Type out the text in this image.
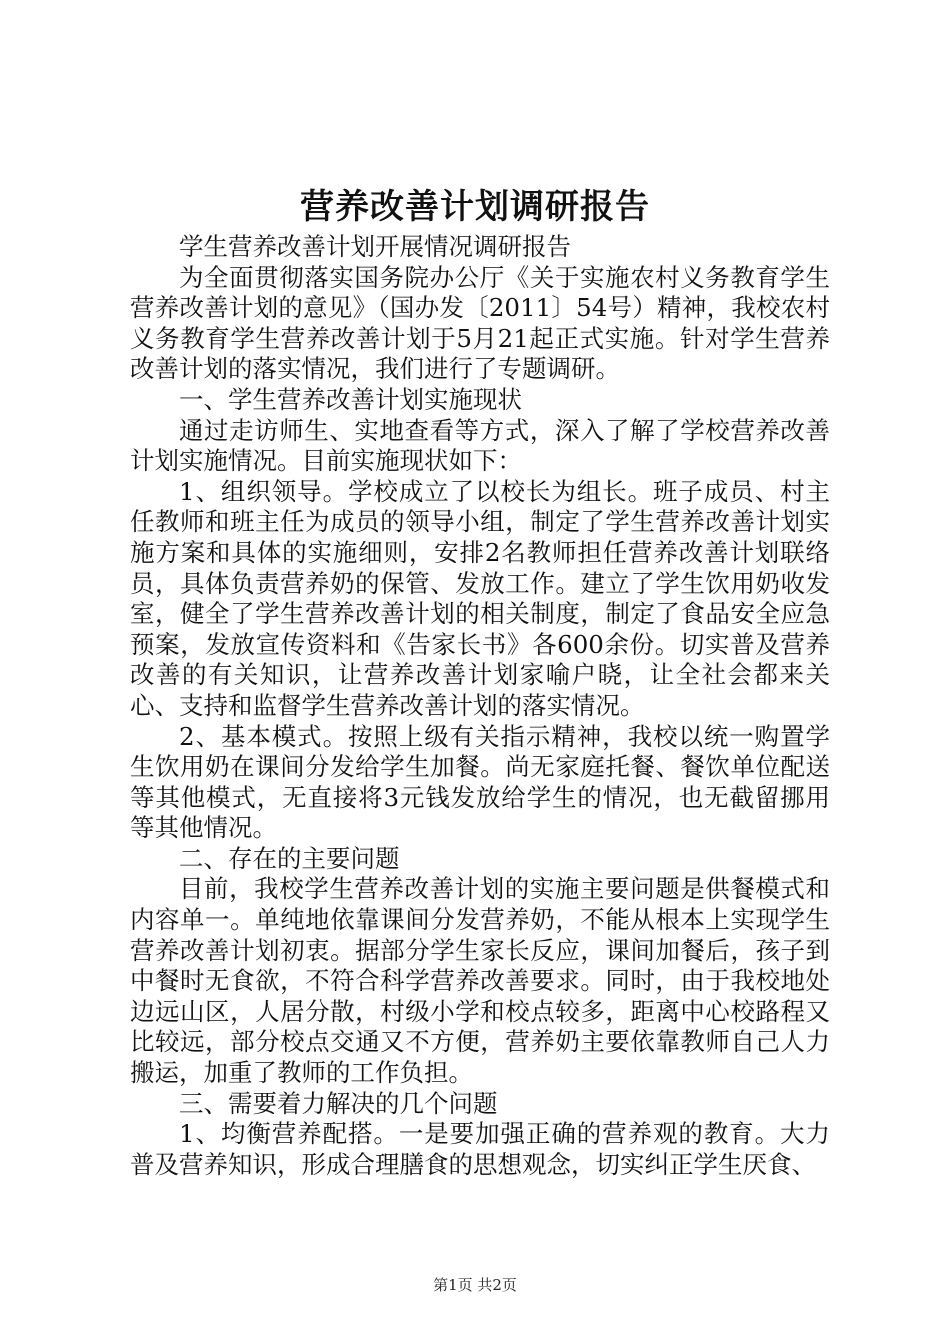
营养改善计划调研报告

学生营养改善计划开展情况调研报告

为全面贯彻落实国务院办公厅《关于实施农村义务教育学生营养改善计划的意见》（国办发〔2011〕54号）精神，我校农村义务教育学生营养改善计划于5月21起正式实施。针对学生营养改善计划的落实情况，我们进行了专题调研。

一、学生营养改善计划实施现状

通过走访师生、实地查看等方式，深入了解了学校营养改善计划实施情况。目前实施现状如下：

1、组织领导。学校成立了以校长为组长。班子成员、村主任教师和班主任为成员的领导小组，制定了学生营养改善计划实施方案和具体的实施细则，安排2名教师担任营养改善计划联络员，具体负责营养奶的保管、发放工作。建立了学生饮用奶收发室，健全了学生营养改善计划的相关制度，制定了食品安全应急预案，发放宣传资料和《告家长书》各600余份。切实普及营养改善的有关知识，让营养改善计划家喻户晓，让全社会都来关心、支持和监督学生营养改善计划的落实情况。

2、基本模式。按照上级有关指示精神，我校以统一购置学生饮用奶在课间分发给学生加餐。尚无家庭托餐、餐饮单位配送等其他模式，无直接将3元钱发放给学生的情况，也无截留挪用等其他情况。

二、存在的主要问题

目前，我校学生营养改善计划的实施主要问题是供餐模式和内容单一。单纯地依靠课间分发营养奶，不能从根本上实现学生营养改善计划初衷。据部分学生家长反应，课间加餐后，孩子到中餐时无食欲，不符合科学营养改善要求。同时，由于我校地处边远山区，人居分散，村级小学和校点较多，距离中心校路程又比较远，部分校点交通又不方便，营养奶主要依靠教师自己人力搬运，加重了教师的工作负担。

三、需要着力解决的几个问题

1、均衡营养配搭。一是要加强正确的营养观的教育。大力普及营养知识，形成合理膳食的思想观念，切实纠正学生厌食、

第1页 共2页
